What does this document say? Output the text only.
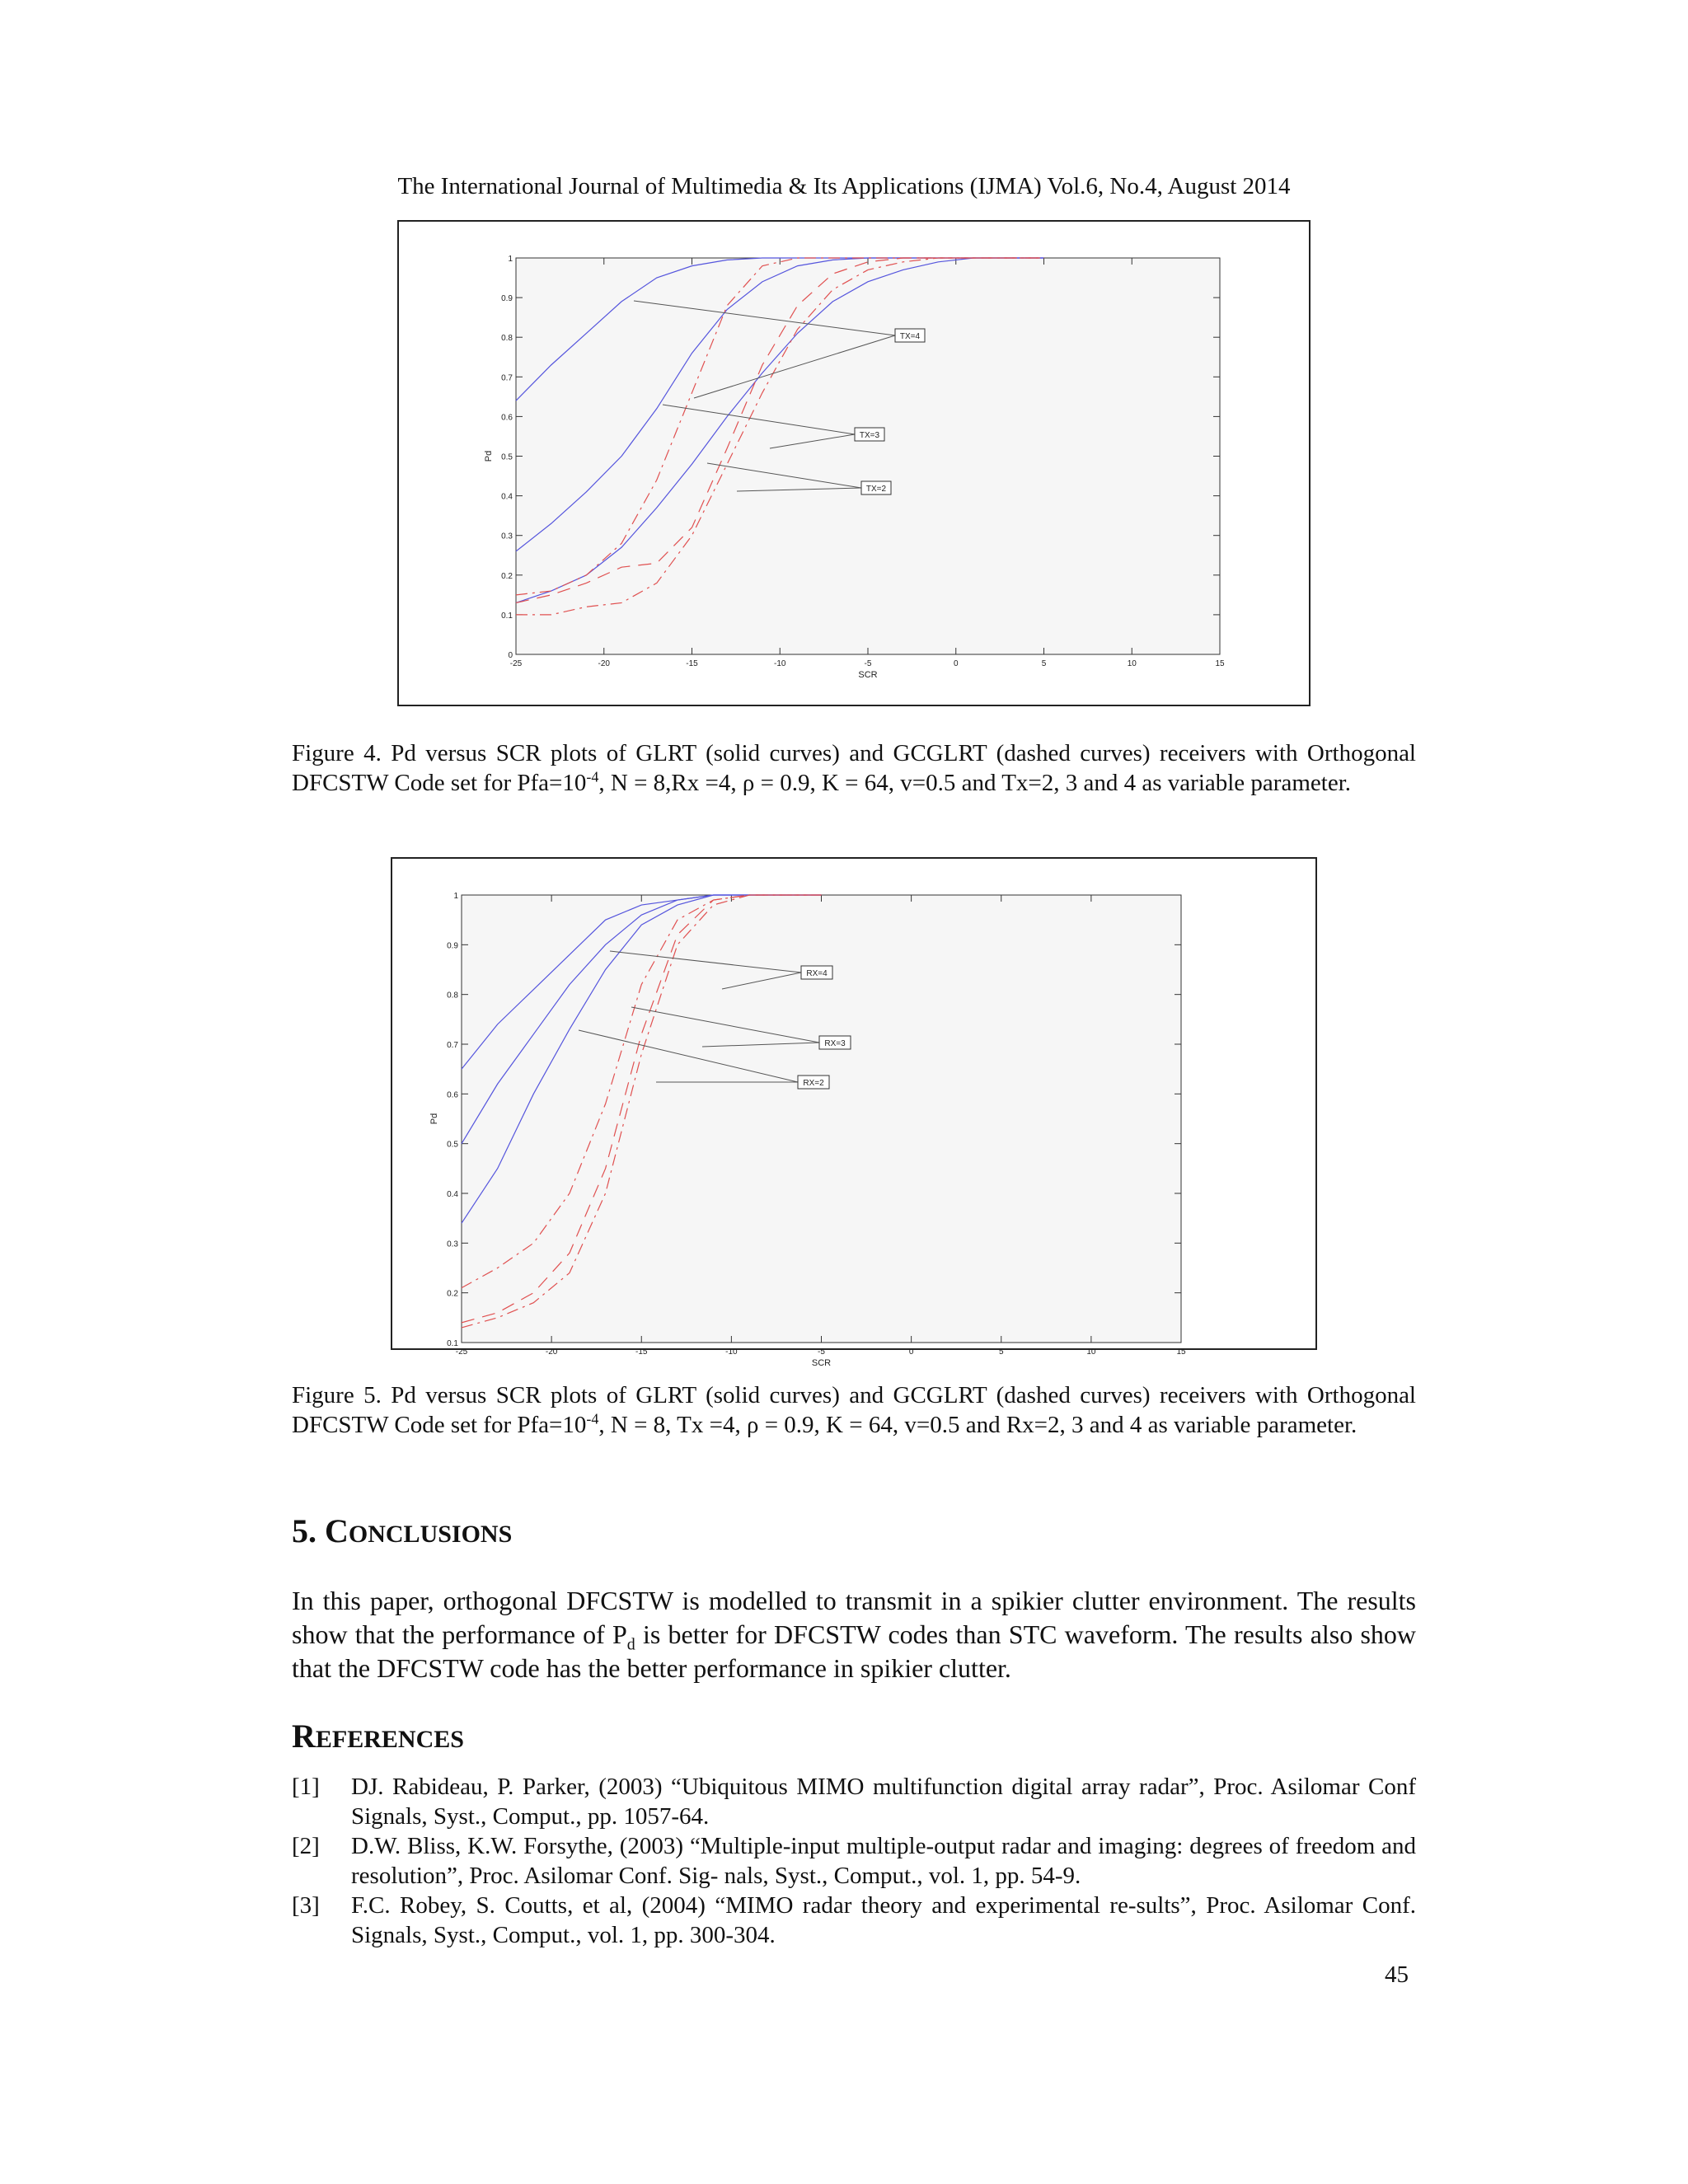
The International Journal of Multimedia & Its Applications (IJMA) Vol.6, No.4, August 2014
-25	-20	-15	-10	-5	0	5	10	15
0
0.1
0.2
0.3
0.4
0.5
0.6
0.7
0.8
0.9
1
SCR
Pd
TX=4
TX=3
TX=2
Figure 4. Pd versus SCR plots of GLRT (solid curves) and GCGLRT (dashed curves) receivers with Orthogonal DFCSTW Code set for $Pfa=10^{-4}$, N = 8,Rx =4, ρ = 0.9, K = 64, v=0.5 and Tx=2, 3 and 4 as variable parameter.
-25	-20	-15	-10	-5	0	5	10	15
0.1
0.2
0.3
0.4
0.5
0.6
0.7
0.8
0.9
1
SCR
Pd
RX=4
RX=3
RX=2
Figure 5. Pd versus SCR plots of GLRT (solid curves) and GCGLRT (dashed curves) receivers with Orthogonal DFCSTW Code set for $Pfa=10^{-4}$, N = 8, Tx =4, ρ = 0.9, K = 64, v=0.5 and Rx=2, 3 and 4 as variable parameter.
5. CONCLUSIONS
In this paper, orthogonal DFCSTW is modelled to transmit in a spikier clutter environment. The results show that the performance of $P_d$ is better for DFCSTW codes than STC waveform. The results also show that the DFCSTW code has the better performance in spikier clutter.
REFERENCES
[1] DJ. Rabideau, P. Parker, (2003) “Ubiquitous MIMO multifunction digital array radar”, Proc. Asilomar Conf Signals, Syst., Comput., pp. 1057-64.
[2] D.W. Bliss, K.W. Forsythe, (2003) “Multiple-input multiple-output radar and imaging: degrees of freedom and resolution”, Proc. Asilomar Conf. Sig- nals, Syst., Comput., vol. 1, pp. 54-9.
[3] F.C. Robey, S. Coutts, et al, (2004) “MIMO radar theory and experimental re-sults”, Proc. Asilomar Conf. Signals, Syst., Comput., vol. 1, pp. 300-304.
45
